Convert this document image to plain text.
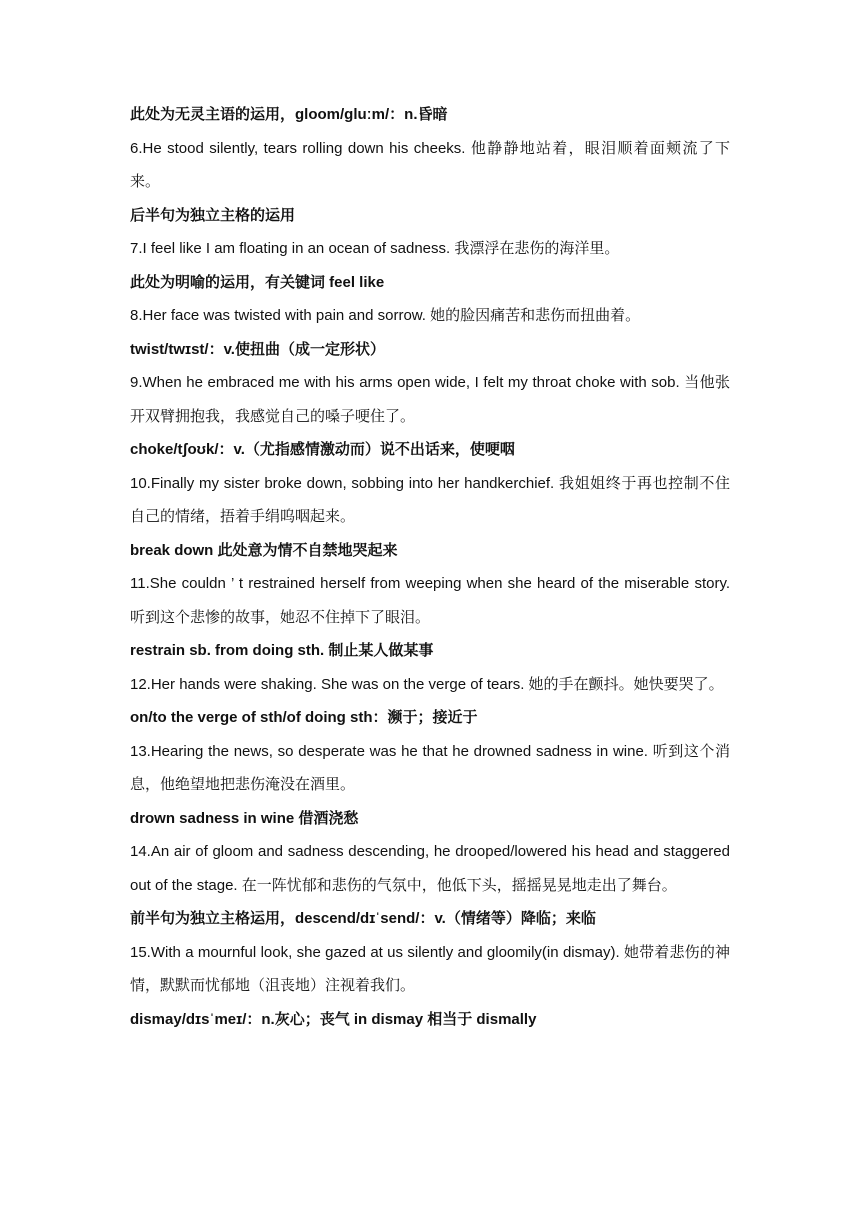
此处为无灵主语的运用，gloom/gluːm/：n.昏暗
6.He stood silently, tears rolling down his cheeks. 他静静地站着，眼泪顺着面颊流了下来。
后半句为独立主格的运用
7.I feel like I am floating in an ocean of sadness. 我漂浮在悲伤的海洋里。
此处为明喻的运用，有关键词 feel like
8.Her face was twisted with pain and sorrow. 她的脸因痛苦和悲伤而扭曲着。
twist/twɪst/：v.使扭曲（成一定形状）
9.When he embraced me with his arms open wide, I felt my throat choke with sob. 当他张开双臂拥抱我，我感觉自己的嗓子哽住了。
choke/tʃoʊk/：v.（尤指感情激动而）说不出话来，使哽咽
10.Finally my sister broke down, sobbing into her handkerchief. 我姐姐终于再也控制不住自己的情绪，捂着手绢呜咽起来。
break down 此处意为情不自禁地哭起来
11.She couldn ’ t restrained herself from weeping when she heard of the miserable story. 听到这个悲惨的故事，她忍不住掉下了眼泪。
restrain sb. from doing sth. 制止某人做某事
12.Her hands were shaking. She was on the verge of tears. 她的手在颤抖。她快要哭了。
on/to the verge of sth/of doing sth：濒于；接近于
13.Hearing the news, so desperate was he that he drowned sadness in wine. 听到这个消息，他绝望地把悲伤淹没在酒里。
drown sadness in wine 借酒浇愁
14.An air of gloom and sadness descending, he drooped/lowered his head and staggered out of the stage. 在一阵忧郁和悲伤的气氛中，他低下头，摇摇晃晃地走出了舞台。
前半句为独立主格运用，descend/dɪˈsend/：v.（情绪等）降临；来临
15.With a mournful look, she gazed at us silently and gloomily(in dismay). 她带着悲伤的神情，默默而忧郁地（沮丧地）注视着我们。
dismay/dɪsˈmeɪ/：n.灰心；丧气 in dismay 相当于 dismally
